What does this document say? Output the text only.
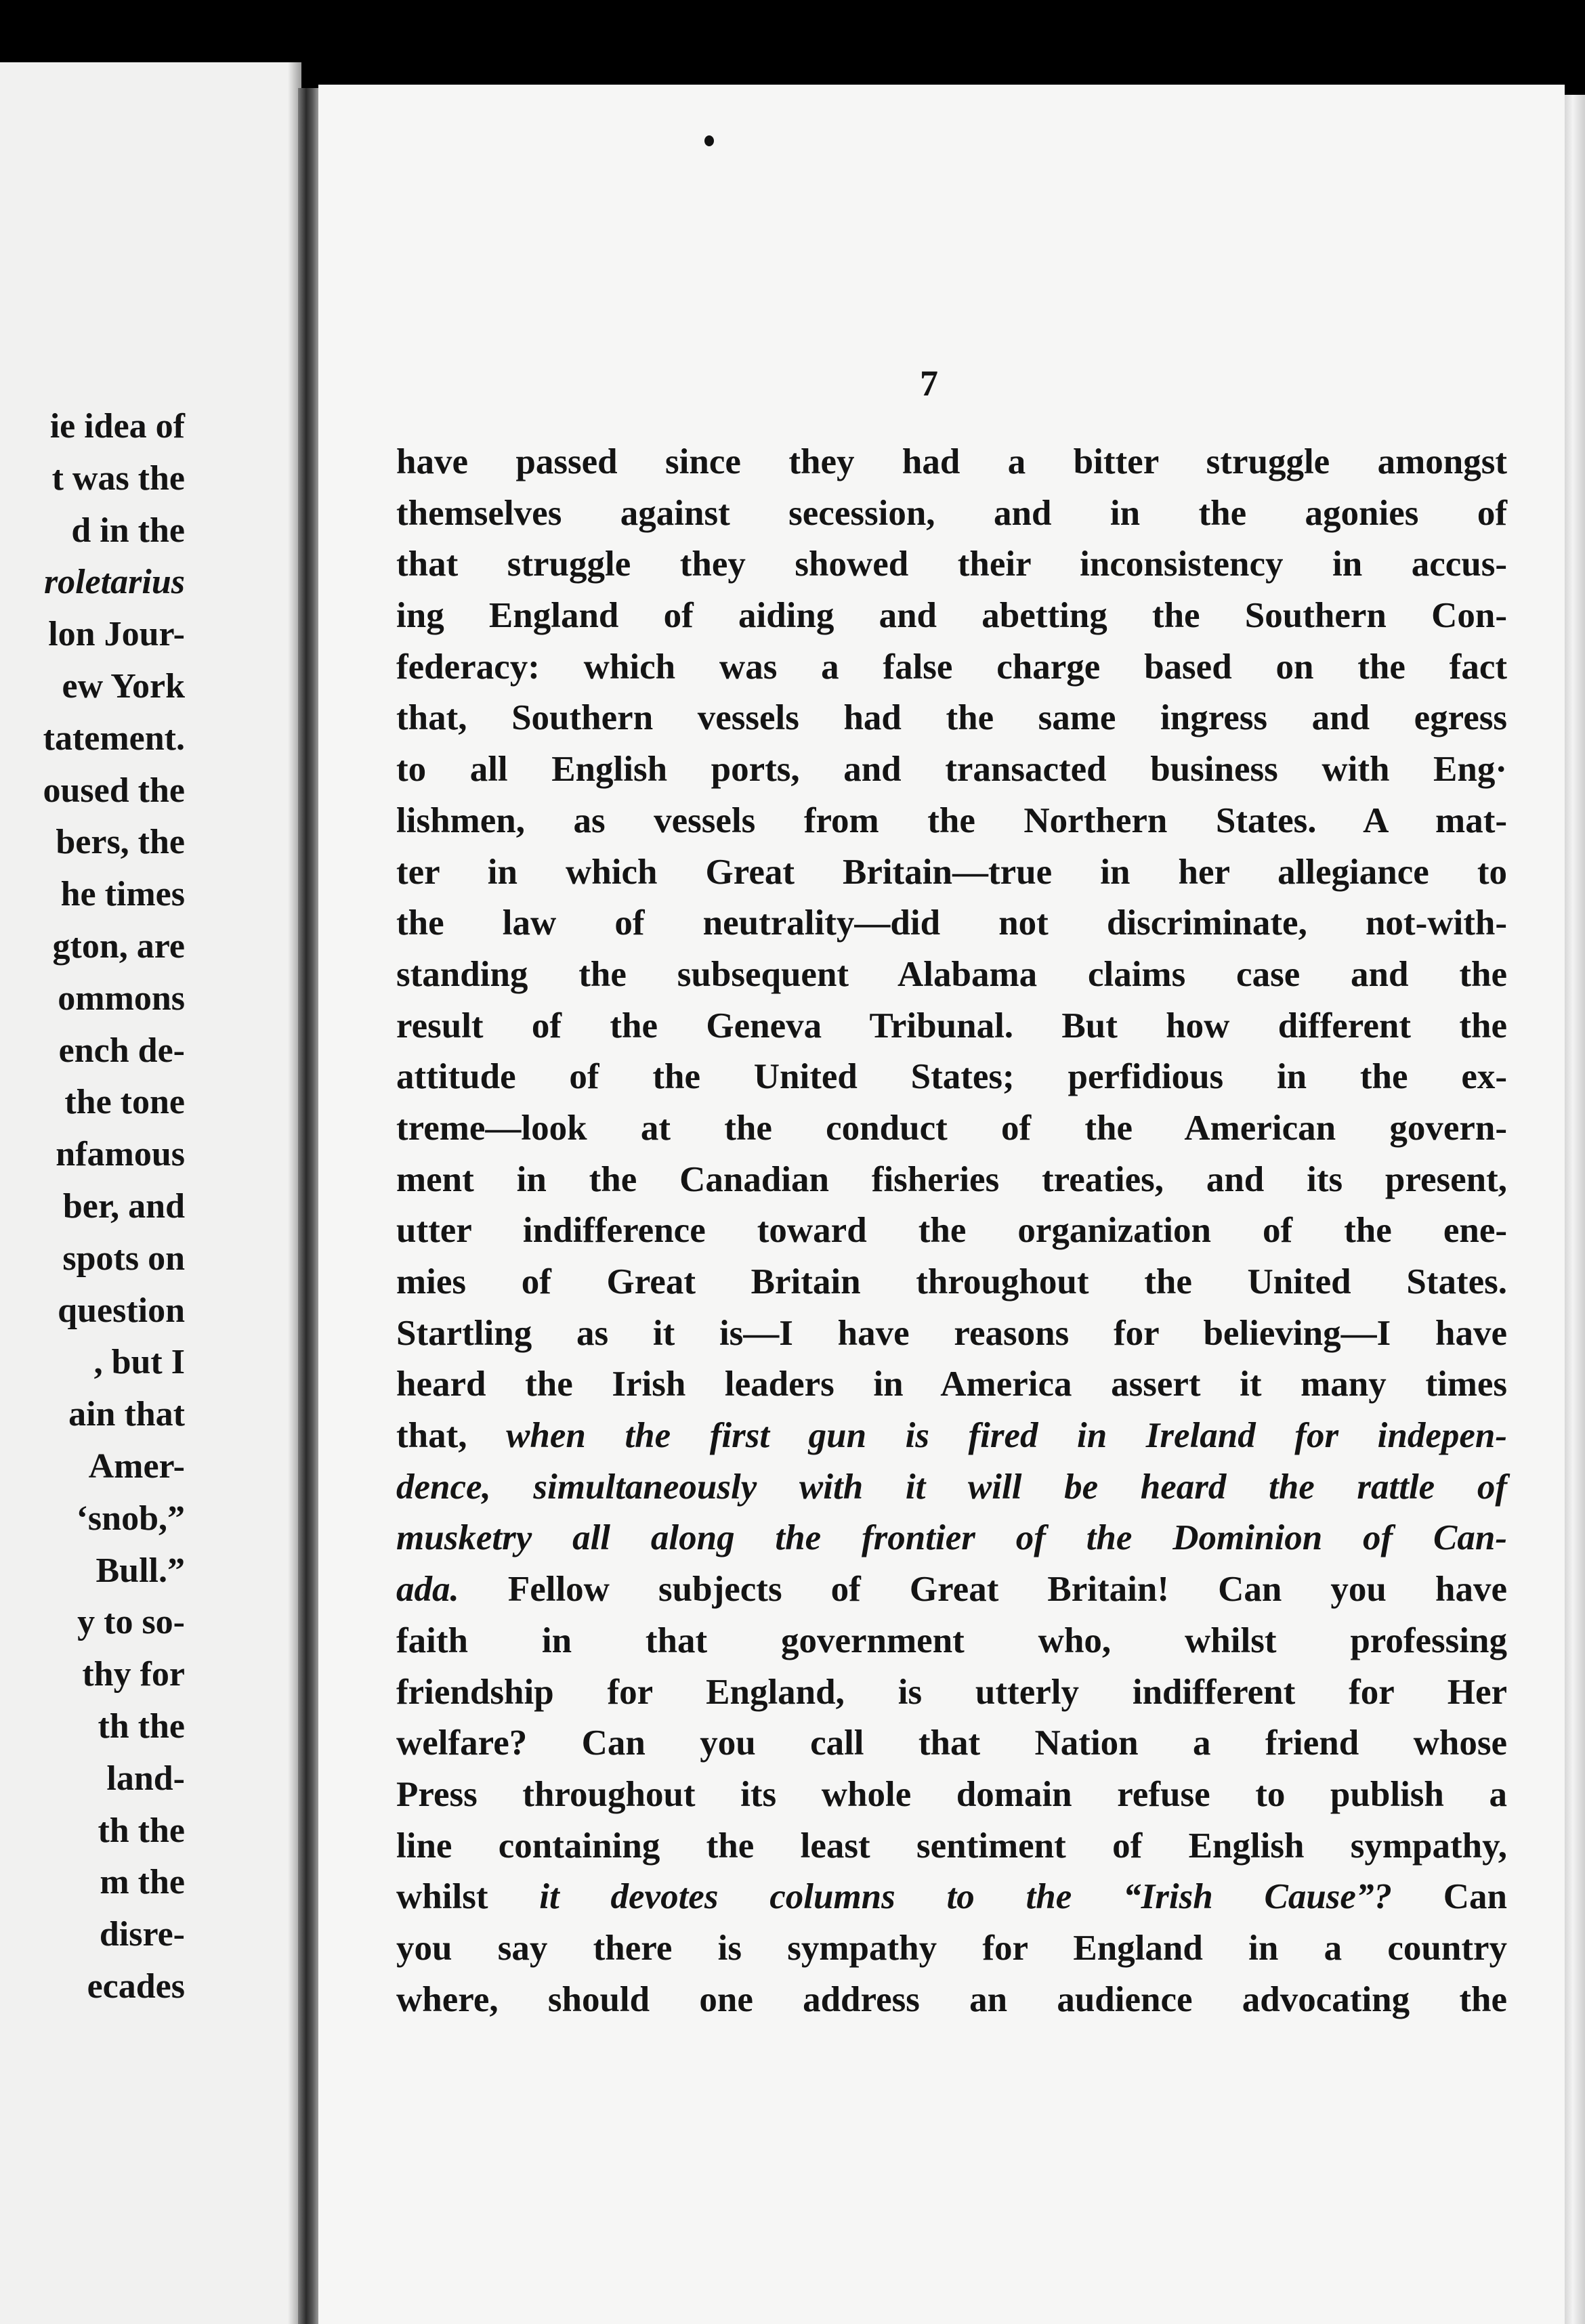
ie idea of
t was the
d in the
roletarius
lon Jour-
ew York
tatement.
oused the
bers, the
he times
gton, are
ommons
ench de-
the tone
nfamous
ber, and
spots on
question
, but I
ain that
Amer-
‘snob,”
Bull.”
y to so-
thy for
th the
land-
th the
m the
disre-
ecades
7
have passed since they had a bitter struggle amongst
themselves against secession, and in the agonies of
that struggle they showed their inconsistency in accus-
ing England of aiding and abetting the Southern Con-
federacy: which was a false charge based on the fact
that, Southern vessels had the same ingress and egress
to all English ports, and transacted business with Eng·
lishmen, as vessels from the Northern States. A mat-
ter in which Great Britain—true in her allegiance to
the law of neutrality—did not discriminate, not-with-
standing the subsequent Alabama claims case and the
result of the Geneva Tribunal. But how different the
attitude of the United States; perfidious in the ex-
treme—look at the conduct of the American govern-
ment in the Canadian fisheries treaties, and its present,
utter indifference toward the organization of the ene-
mies of Great Britain throughout the United States.
Startling as it is—I have reasons for believing—I have
heard the Irish leaders in America assert it many times
that, when the first gun is fired in Ireland for indepen-
dence, simultaneously with it will be heard the rattle of
musketry all along the frontier of the Dominion of Can-
ada. Fellow subjects of Great Britain! Can you have
faith in that government who, whilst professing
friendship for England, is utterly indifferent for Her
welfare? Can you call that Nation a friend whose
Press throughout its whole domain refuse to publish a
line containing the least sentiment of English sympathy,
whilst it devotes columns to the “Irish Cause”? Can
you say there is sympathy for England in a country
where, should one address an audience advocating the
